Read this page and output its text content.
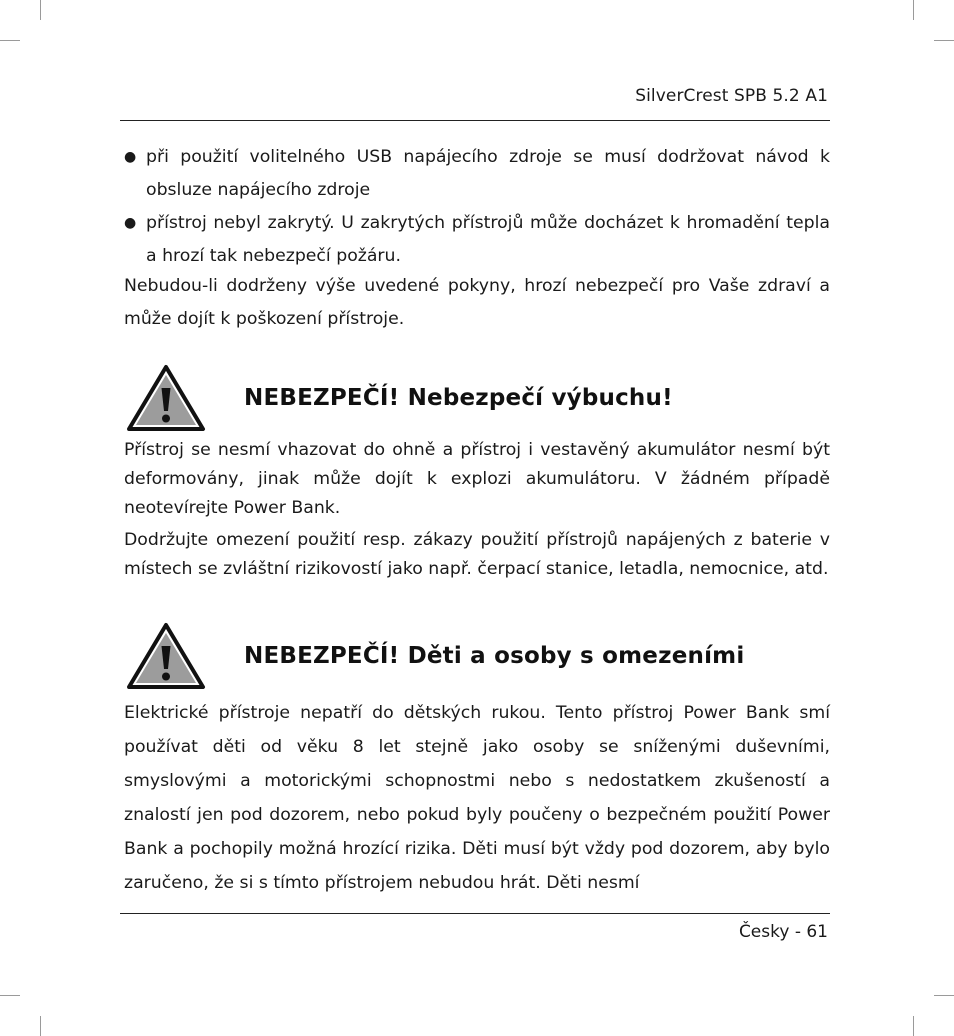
SilverCrest SPB 5.2 A1
● při použití volitelného USB napájecího zdroje se musí dodržovat návod k obsluze napájecího zdroje
● přístroj nebyl zakrytý. U zakrytých přístrojů může docházet k hromadění tepla a hrozí tak nebezpečí požáru.
Nebudou-li dodrženy výše uvedené pokyny, hrozí nebezpečí pro Vaše zdraví a může dojít k poškození přístroje.
NEBEZPEČÍ! Nebezpečí výbuchu!
Přístroj se nesmí vhazovat do ohně a přístroj i vestavěný akumulátor nesmí být deformovány, jinak může dojít k explozi akumulátoru. V žádném případě neotevírejte Power Bank.
Dodržujte omezení použití resp. zákazy použití přístrojů napájených z baterie v místech se zvláštní rizikovostí jako např. čerpací stanice, letadla, nemocnice, atd.
NEBEZPEČÍ! Děti a osoby s omezeními
Elektrické přístroje nepatří do dětských rukou. Tento přístroj Power Bank smí používat děti od věku 8 let stejně jako osoby se sníženými duševními, smyslovými a motorickými schopnostmi nebo s nedostatkem zkušeností a znalostí jen pod dozorem, nebo pokud byly poučeny o bezpečném použití Power Bank a pochopily možná hrozící rizika. Děti musí být vždy pod dozorem, aby bylo zaručeno, že si s tímto přístrojem nebudou hrát. Děti nesmí
Česky - 61
